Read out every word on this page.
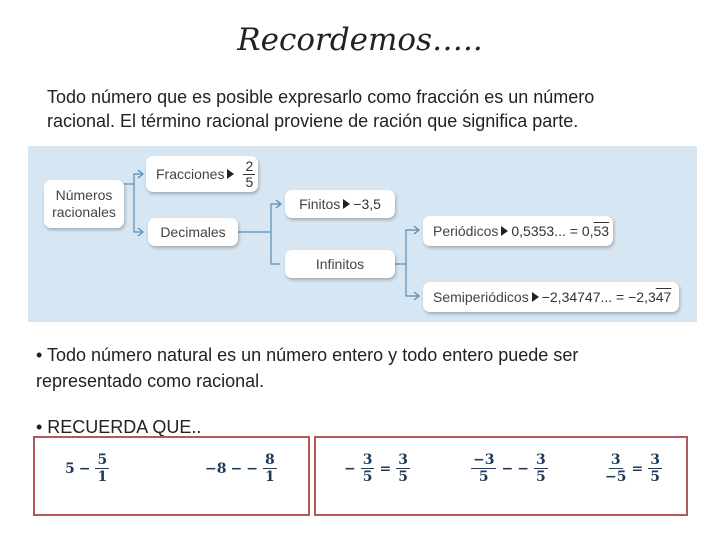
Recordemos…..
Todo número que es posible expresarlo como fracción es un número racional. El término racional proviene de ración que significa parte.
Números
racionales
Fracciones $\frac{2}{5}$
Decimales
Finitos −3,5
Infinitos
Periódicos 0,5353... = 0, 53
Semiperiódicos −2,34747... = −2,3 47
• Todo número natural es un número entero y todo entero puede ser representado como racional.
• RECUERDA QUE..
$5 - \frac{5}{1}$	−8 − − $\frac{8}{1}$	− $\frac{3}{5} = \frac{3}{5}$	$\frac{-3}{5}$ − − $\frac{3}{5}$	$\frac{3}{-5} = \frac{3}{5}$
